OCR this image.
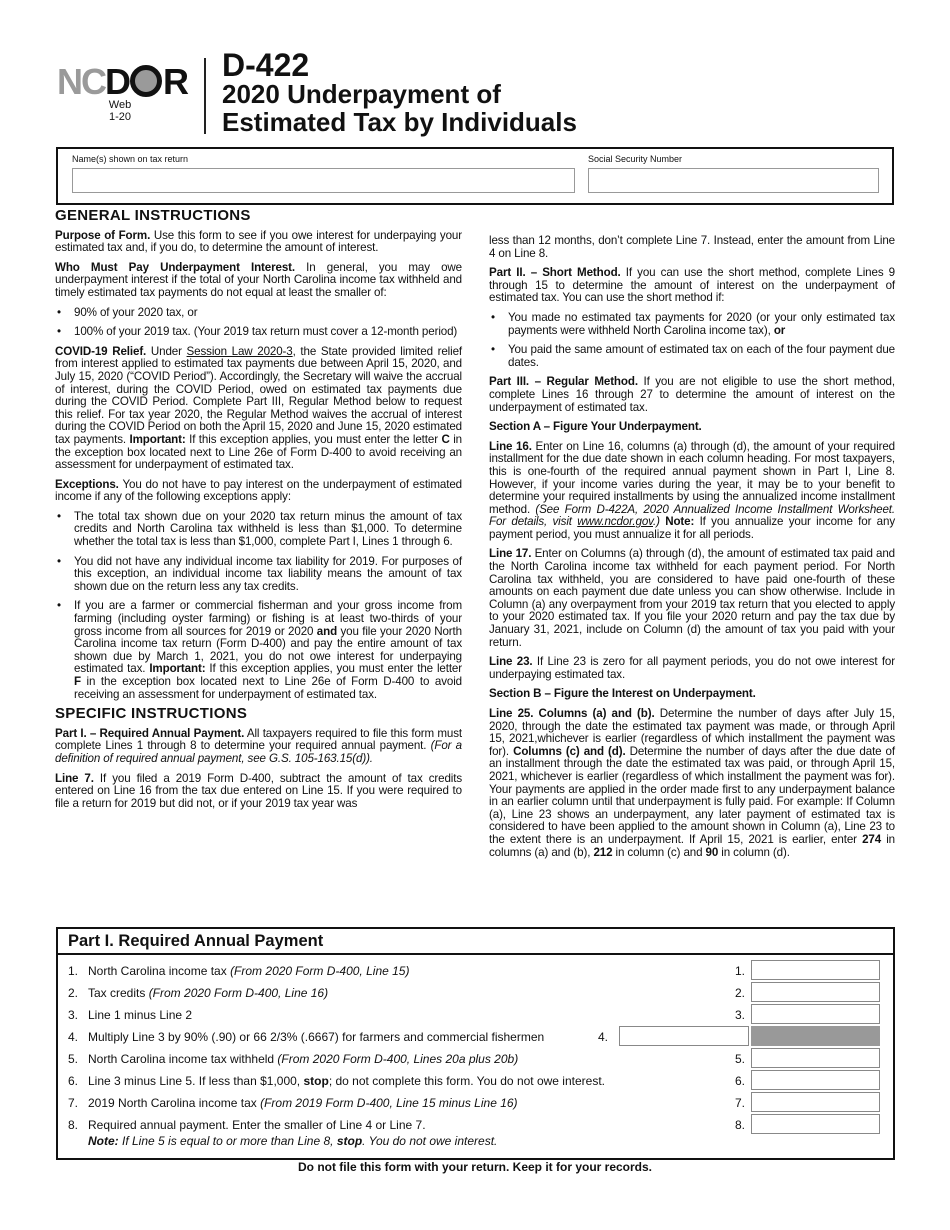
NCD R
Web
1-20
D-422
2020 Underpayment of
Estimated Tax by Individuals
Name(s) shown on tax return	Social Security Number
GENERAL INSTRUCTIONS

Purpose of Form. Use this form to see if you owe interest for underpaying your estimated tax and, if you do, to determine the amount of interest.

Who Must Pay Underpayment Interest. In general, you may owe underpayment interest if the total of your North Carolina income tax withheld and timely estimated tax payments do not equal at least the smaller of:

• 90% of your 2020 tax, or
• 100% of your 2019 tax. (Your 2019 tax return must cover a 12-month period)

COVID-19 Relief. Under Session Law 2020-3, the State provided limited relief from interest applied to estimated tax payments due between April 15, 2020, and July 15, 2020 (“COVID Period”). Accordingly, the Secretary will waive the accrual of interest, during the COVID Period, owed on estimated tax payments due during the COVID Period. Complete Part III, Regular Method below to request this relief. For tax year 2020, the Regular Method waives the accrual of interest during the COVID Period on both the April 15, 2020 and June 15, 2020 estimated tax payments. Important: If this exception applies, you must enter the letter C in the exception box located next to Line 26e of Form D-400 to avoid receiving an assessment for underpayment of estimated tax.

Exceptions. You do not have to pay interest on the underpayment of estimated income if any of the following exceptions apply:

• The total tax shown due on your 2020 tax return minus the amount of tax credits and North Carolina tax withheld is less than $1,000. To determine whether the total tax is less than $1,000, complete Part I, Lines 1 through 6.
• You did not have any individual income tax liability for 2019. For purposes of this exception, an individual income tax liability means the amount of tax shown due on the return less any tax credits.
• If you are a farmer or commercial fisherman and your gross income from farming (including oyster farming) or fishing is at least two-thirds of your gross income from all sources for 2019 or 2020 and you file your 2020 North Carolina income tax return (Form D-400) and pay the entire amount of tax shown due by March 1, 2021, you do not owe interest for underpaying estimated tax. Important: If this exception applies, you must enter the letter F in the exception box located next to Line 26e of Form D-400 to avoid receiving an assessment for underpayment of estimated tax.
SPECIFIC INSTRUCTIONS

Part I. – Required Annual Payment. All taxpayers required to file this form must complete Lines 1 through 8 to determine your required annual payment. (For a definition of required annual payment, see G.S. 105-163.15(d)).

Line 7. If you filed a 2019 Form D-400, subtract the amount of tax credits entered on Line 16 from the tax due entered on Line 15. If you were required to file a return for 2019 but did not, or if your 2019 tax year was

less than 12 months, don’t complete Line 7. Instead, enter the amount from Line 4 on Line 8.

Part II. – Short Method. If you can use the short method, complete Lines 9 through 15 to determine the amount of interest on the underpayment of estimated tax. You can use the short method if:

• You made no estimated tax payments for 2020 (or your only estimated tax payments were withheld North Carolina income tax), or
• You paid the same amount of estimated tax on each of the four payment due dates.

Part III. – Regular Method. If you are not eligible to use the short method, complete Lines 16 through 27 to determine the amount of interest on the underpayment of estimated tax.

Section A – Figure Your Underpayment.

Line 16. Enter on Line 16, columns (a) through (d), the amount of your required installment for the due date shown in each column heading. For most taxpayers, this is one-fourth of the required annual payment shown in Part I, Line 8. However, if your income varies during the year, it may be to your benefit to determine your required installments by using the annualized income installment method. (See Form D-422A, 2020 Annualized Income Installment Worksheet. For details, visit www.ncdor.gov.) Note: If you annualize your income for any payment period, you must annualize it for all periods.

Line 17. Enter on Columns (a) through (d), the amount of estimated tax paid and the North Carolina income tax withheld for each payment period. For North Carolina tax withheld, you are considered to have paid one-fourth of these amounts on each payment due date unless you can show otherwise. Include in Column (a) any overpayment from your 2019 tax return that you elected to apply to your 2020 estimated tax. If you file your 2020 return and pay the tax due by January 31, 2021, include on Column (d) the amount of tax you paid with your return.

Line 23. If Line 23 is zero for all payment periods, you do not owe interest for underpaying estimated tax.

Section B – Figure the Interest on Underpayment.

Line 25. Columns (a) and (b). Determine the number of days after July 15, 2020, through the date the estimated tax payment was made, or through April 15, 2021,whichever is earlier (regardless of which installment the payment was for). Columns (c) and (d). Determine the number of days after the due date of an installment through the date the estimated tax was paid, or through April 15, 2021, whichever is earlier (regardless of which installment the payment was for). Your payments are applied in the order made first to any underpayment balance in an earlier column until that underpayment is fully paid. For example: If Column (a), Line 23 shows an underpayment, any later payment of estimated tax is considered to have been applied to the amount shown in Column (a), Line 23 to the extent there is an underpayment. If April 15, 2021 is earlier, enter 274 in columns (a) and (b), 212 in column (c) and 90 in column (d).

Part I. Required Annual Payment
1. North Carolina income tax (From 2020 Form D-400, Line 15)	1.
2. Tax credits (From 2020 Form D-400, Line 16)	2.
3. Line 1 minus Line 2	3.
4. Multiply Line 3 by 90% (.90) or 66 2/3% (.6667) for farmers and commercial fishermen	4.
5. North Carolina income tax withheld (From 2020 Form D-400, Lines 20a plus 20b)	5.
6. Line 3 minus Line 5. If less than $1,000, stop; do not complete this form. You do not owe interest.	6.
7. 2019 North Carolina income tax (From 2019 Form D-400, Line 15 minus Line 16)	7.
8. Required annual payment. Enter the smaller of Line 4 or Line 7.	8.
Note: If Line 5 is equal to or more than Line 8, stop. You do not owe interest.
Do not file this form with your return. Keep it for your records.
